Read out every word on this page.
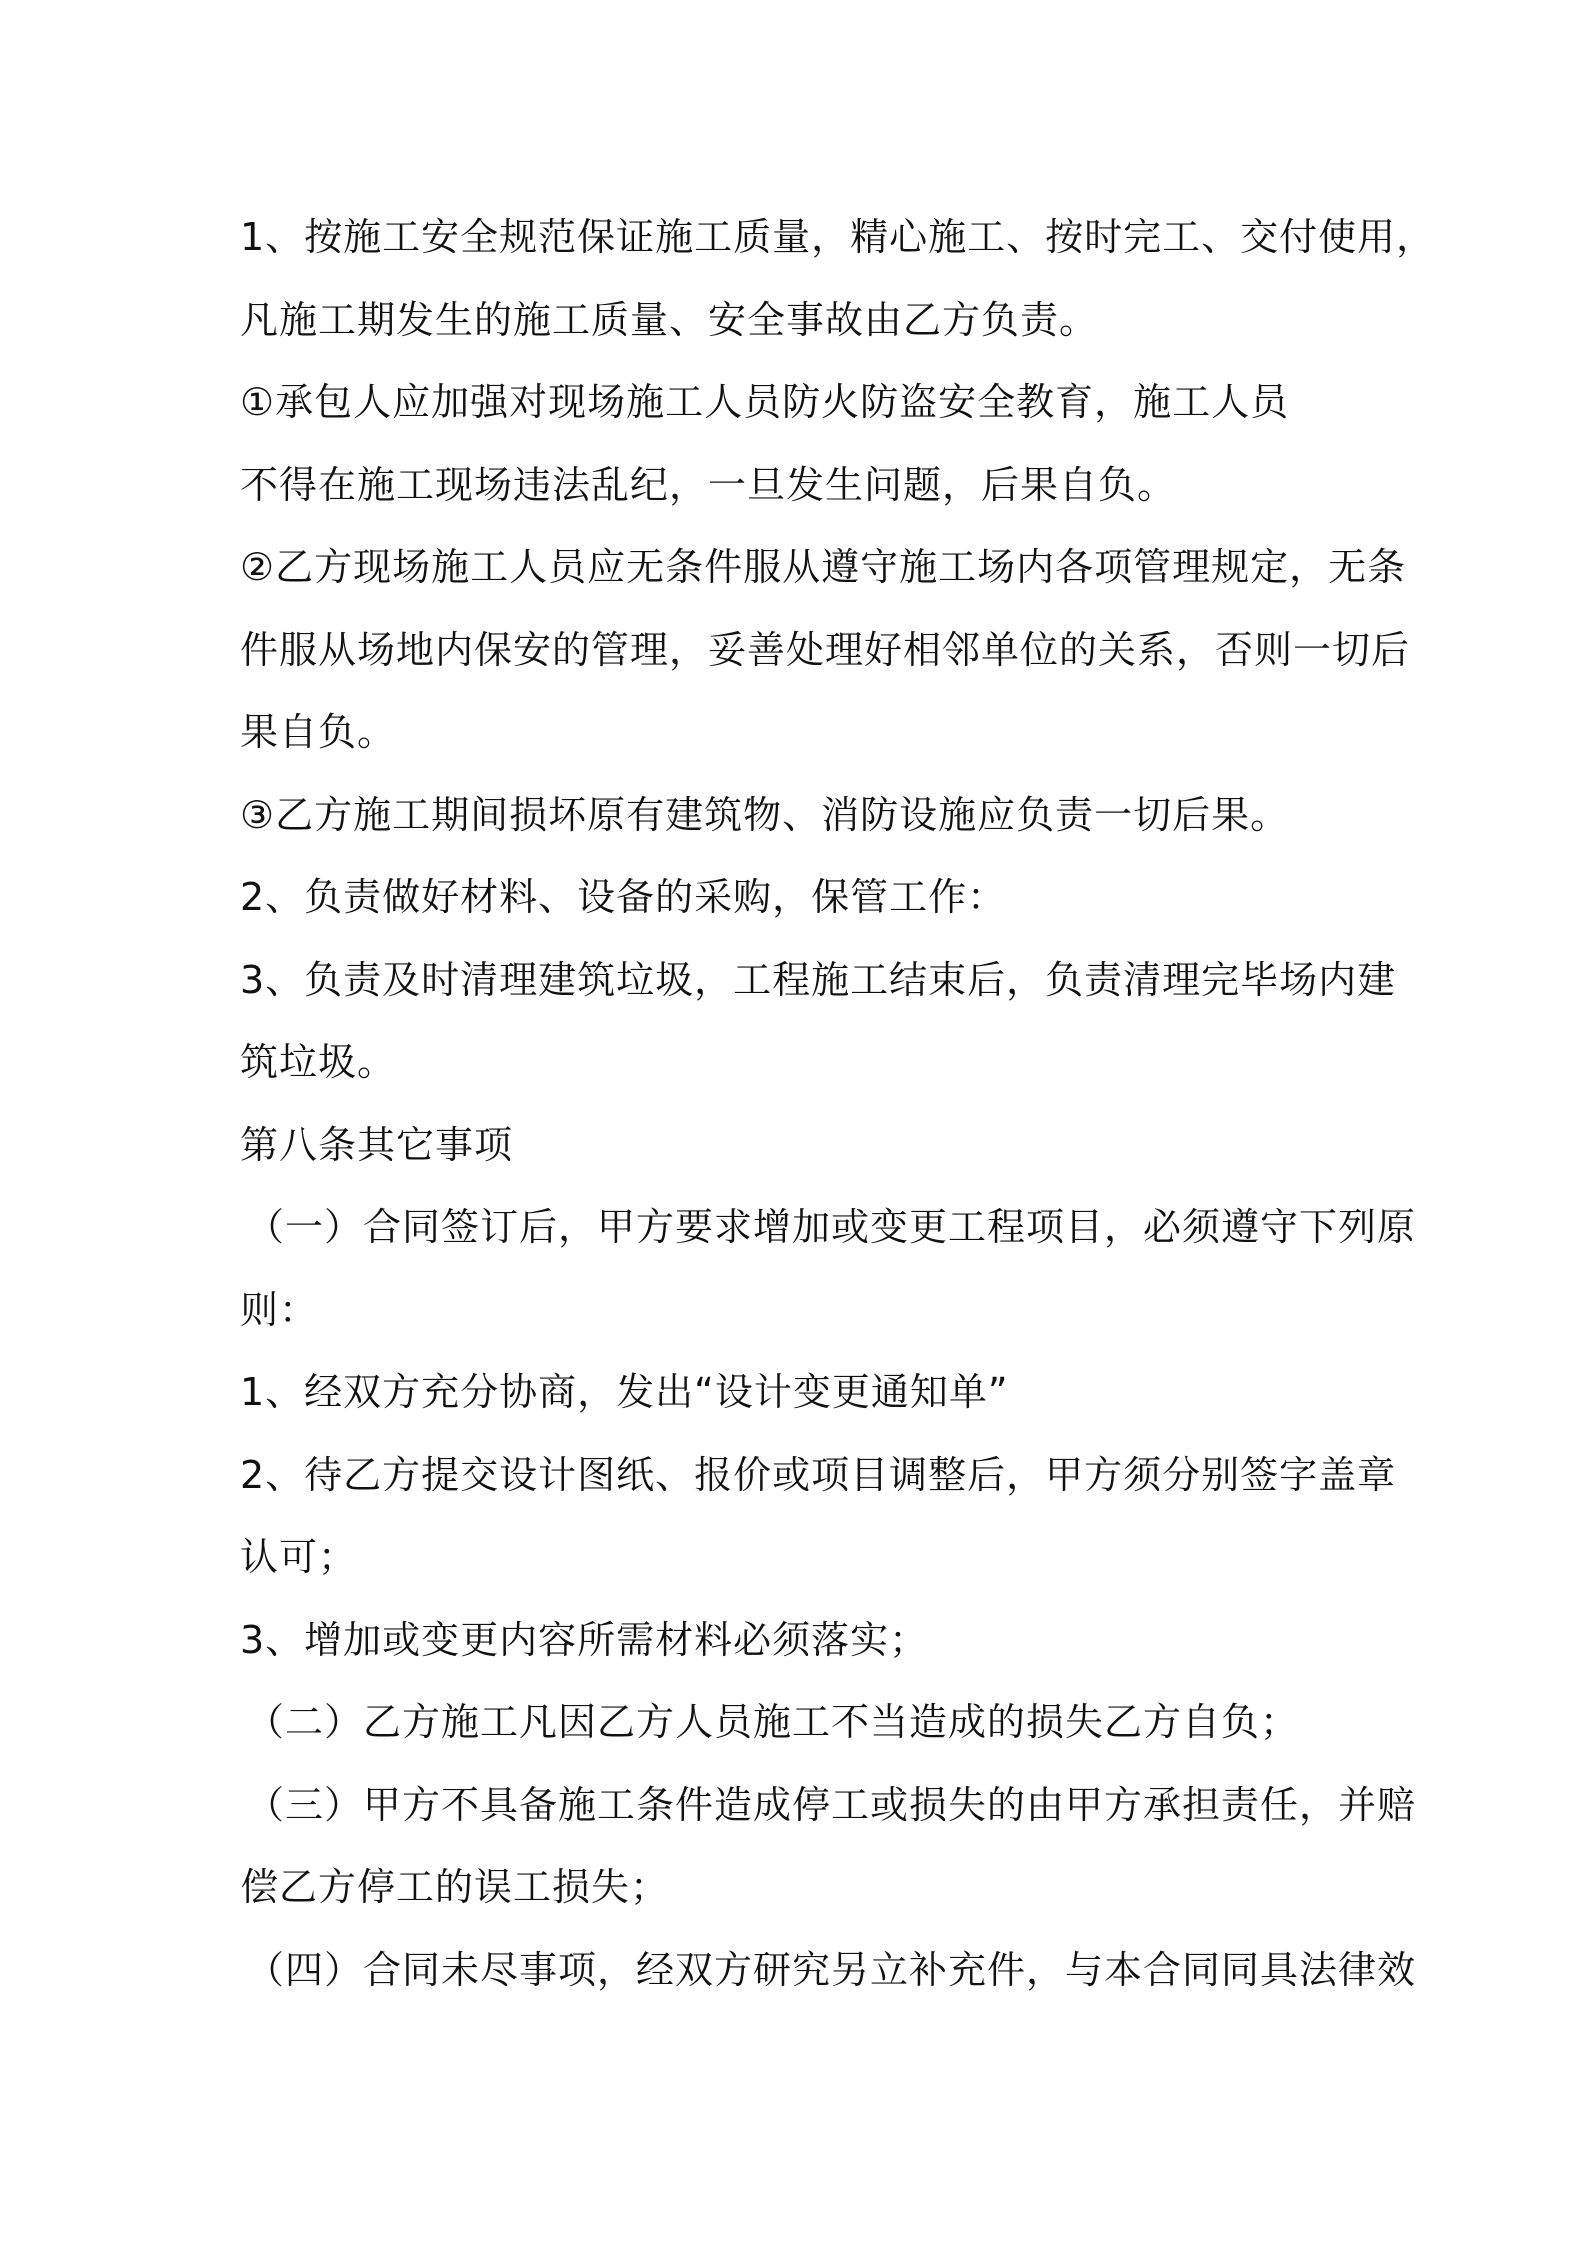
1、按施工安全规范保证施工质量，精心施工、按时完工、交付使用，
凡施工期发生的施工质量、安全事故由乙方负责。
①承包人应加强对现场施工人员防火防盗安全教育，施工人员
不得在施工现场违法乱纪，一旦发生问题，后果自负。
②乙方现场施工人员应无条件服从遵守施工场内各项管理规定，无条
件服从场地内保安的管理，妥善处理好相邻单位的关系，否则一切后
果自负。
③乙方施工期间损坏原有建筑物、消防设施应负责一切后果。
2、负责做好材料、设备的采购，保管工作：
3、负责及时清理建筑垃圾，工程施工结束后，负责清理完毕场内建
筑垃圾。
第八条其它事项
（一）合同签订后，甲方要求增加或变更工程项目，必须遵守下列原
则：
1、经双方充分协商，发出“设计变更通知单”
2、待乙方提交设计图纸、报价或项目调整后，甲方须分别签字盖章
认可；
3、增加或变更内容所需材料必须落实；
（二）乙方施工凡因乙方人员施工不当造成的损失乙方自负；
（三）甲方不具备施工条件造成停工或损失的由甲方承担责任，并赔
偿乙方停工的误工损失；
（四）合同未尽事项，经双方研究另立补充件，与本合同同具法律效
